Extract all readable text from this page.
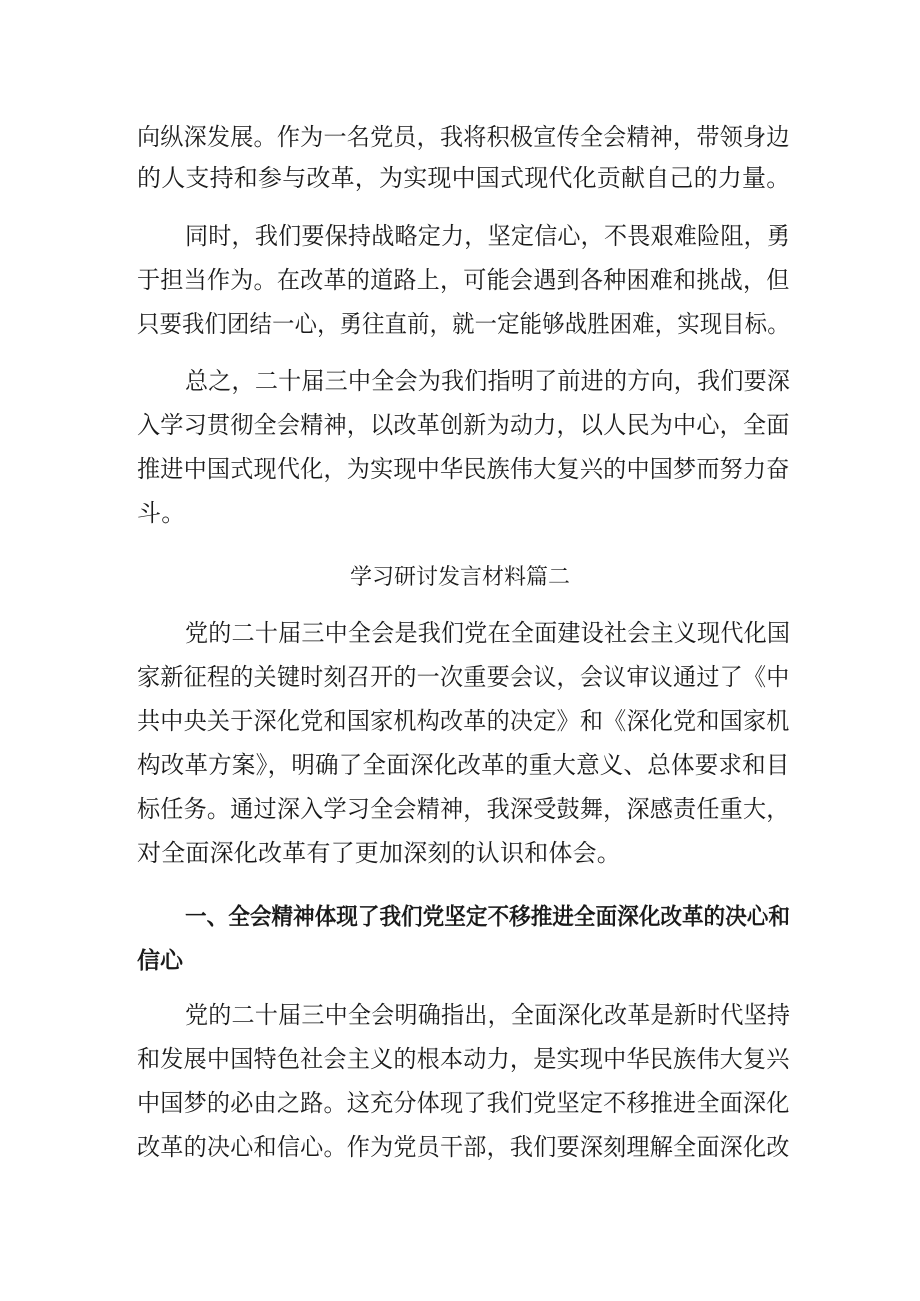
向纵深发展。作为一名党员，我将积极宣传全会精神，带领身边
的人支持和参与改革，为实现中国式现代化贡献自己的力量。
同时，我们要保持战略定力，坚定信心，不畏艰难险阻，勇
于担当作为。在改革的道路上，可能会遇到各种困难和挑战，但
只要我们团结一心，勇往直前，就一定能够战胜困难，实现目标。
总之，二十届三中全会为我们指明了前进的方向，我们要深
入学习贯彻全会精神，以改革创新为动力，以人民为中心，全面
推进中国式现代化，为实现中华民族伟大复兴的中国梦而努力奋
斗。
学习研讨发言材料篇二
党的二十届三中全会是我们党在全面建设社会主义现代化国
家新征程的关键时刻召开的一次重要会议，会议审议通过了《中
共中央关于深化党和国家机构改革的决定》和《深化党和国家机
构改革方案》，明确了全面深化改革的重大意义、总体要求和目
标任务。通过深入学习全会精神，我深受鼓舞，深感责任重大，
对全面深化改革有了更加深刻的认识和体会。
一、全会精神体现了我们党坚定不移推进全面深化改革的决心和
信心
党的二十届三中全会明确指出，全面深化改革是新时代坚持
和发展中国特色社会主义的根本动力，是实现中华民族伟大复兴
中国梦的必由之路。这充分体现了我们党坚定不移推进全面深化
改革的决心和信心。作为党员干部，我们要深刻理解全面深化改
